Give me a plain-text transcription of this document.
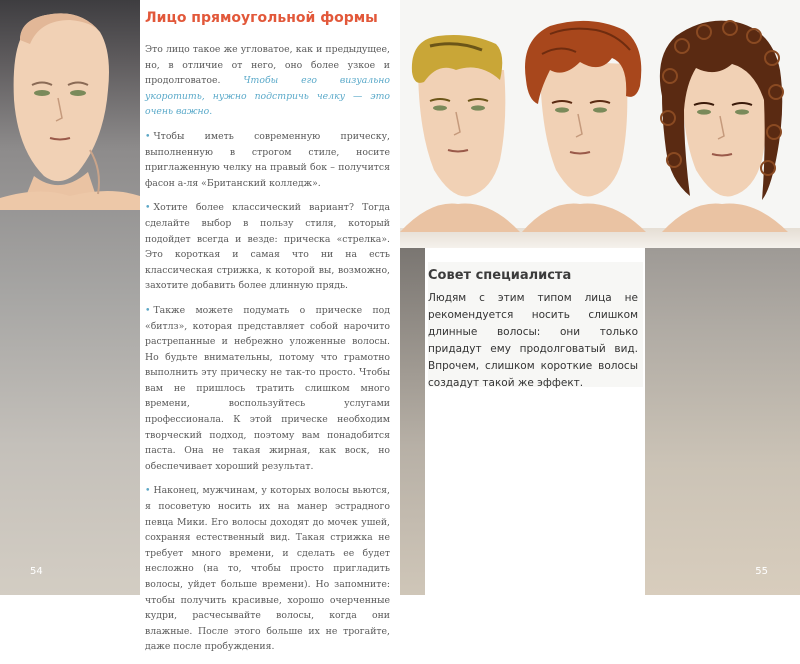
Лицо прямоугольной формы

Это лицо такое же угловатое, как и предыдущее, но, в отличие от него, оно более узкое и продолговатое. Чтобы его визуально укоротить, нужно подстричь челку — это очень важно.

• Чтобы иметь современную прическу, выполненную в строгом стиле, носите приглаженную челку на правый бок – получится фасон а-ля «Британский колледж».

• Хотите более классический вариант? Тогда сделайте выбор в пользу стиля, который подойдет всегда и везде: прическа «стрелка». Это короткая и самая что ни на есть классическая стрижка, к которой вы, возможно, захотите добавить более длинную прядь.

• Также можете подумать о прическе под «битлз», которая представляет собой нарочито растрепанные и небрежно уложенные волосы. Но будьте внимательны, потому что грамотно выполнить эту прическу не так-то просто. Чтобы вам не пришлось тратить слишком много времени, воспользуйтесь услугами профессионала. К этой прическе необходим творческий подход, поэтому вам понадобится паста. Она не такая жирная, как воск, но обеспечивает хороший результат.

• Наконец, мужчинам, у которых волосы вьются, я посоветую носить их на манер эстрадного певца Мики. Его волосы доходят до мочек ушей, сохраняя естественный вид. Такая стрижка не требует много времени, и сделать ее будет несложно (на то, чтобы просто пригладить волосы, уйдет больше времени). Но запомните: чтобы получить красивые, хорошо очерченные кудри, расчесывайте волосы, когда они влажные. После этого больше их не трогайте, даже после пробуждения.

54
Совет специалиста
Людям с этим типом лица не рекомендуется носить слишком длинные волосы: они только придадут ему продолговатый вид. Впрочем, слишком короткие волосы создадут такой же эффект.
55
